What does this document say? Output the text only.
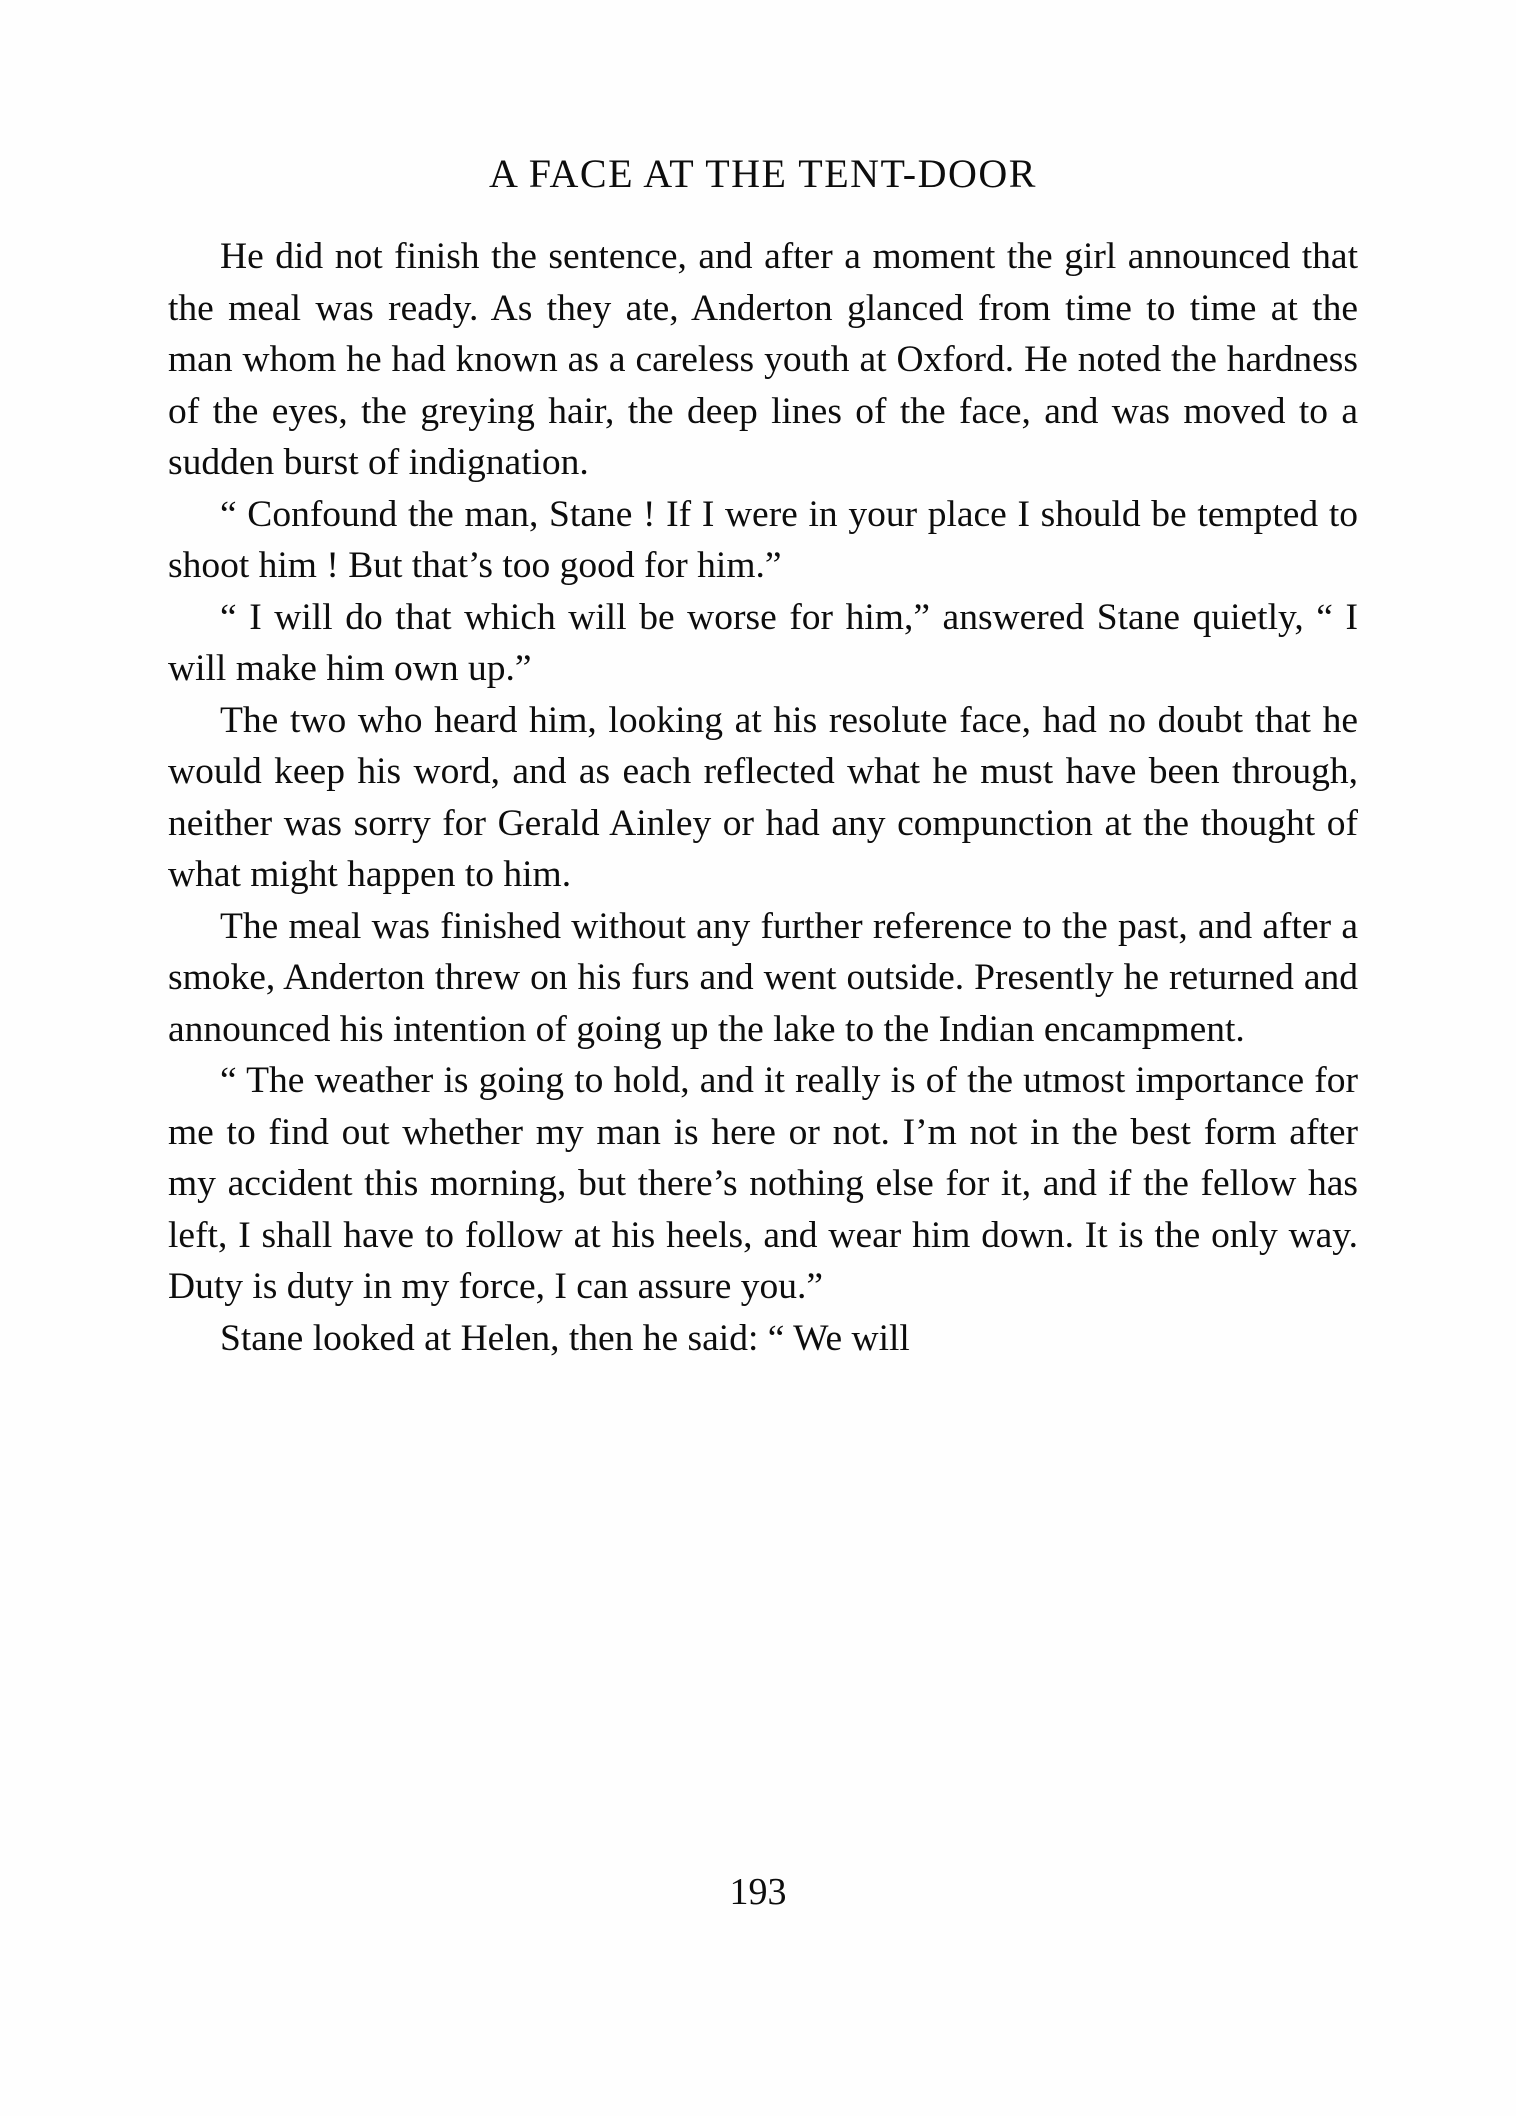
A FACE AT THE TENT-DOOR

He did not finish the sentence, and after a moment the girl announced that the meal was ready. As they ate, Anderton glanced from time to time at the man whom he had known as a careless youth at Oxford. He noted the hardness of the eyes, the greying hair, the deep lines of the face, and was moved to a sudden burst of indignation.

“ Confound the man, Stane ! If I were in your place I should be tempted to shoot him ! But that’s too good for him.”

“ I will do that which will be worse for him,” answered Stane quietly, “ I will make him own up.”

The two who heard him, looking at his resolute face, had no doubt that he would keep his word, and as each reflected what he must have been through, neither was sorry for Gerald Ainley or had any compunction at the thought of what might happen to him.

The meal was finished without any further reference to the past, and after a smoke, Anderton threw on his furs and went outside. Presently he returned and announced his intention of going up the lake to the Indian encampment.

“ The weather is going to hold, and it really is of the utmost importance for me to find out whether my man is here or not. I’m not in the best form after my accident this morning, but there’s nothing else for it, and if the fellow has left, I shall have to follow at his heels, and wear him down. It is the only way. Duty is duty in my force, I can assure you.”

Stane looked at Helen, then he said: “ We will

193
